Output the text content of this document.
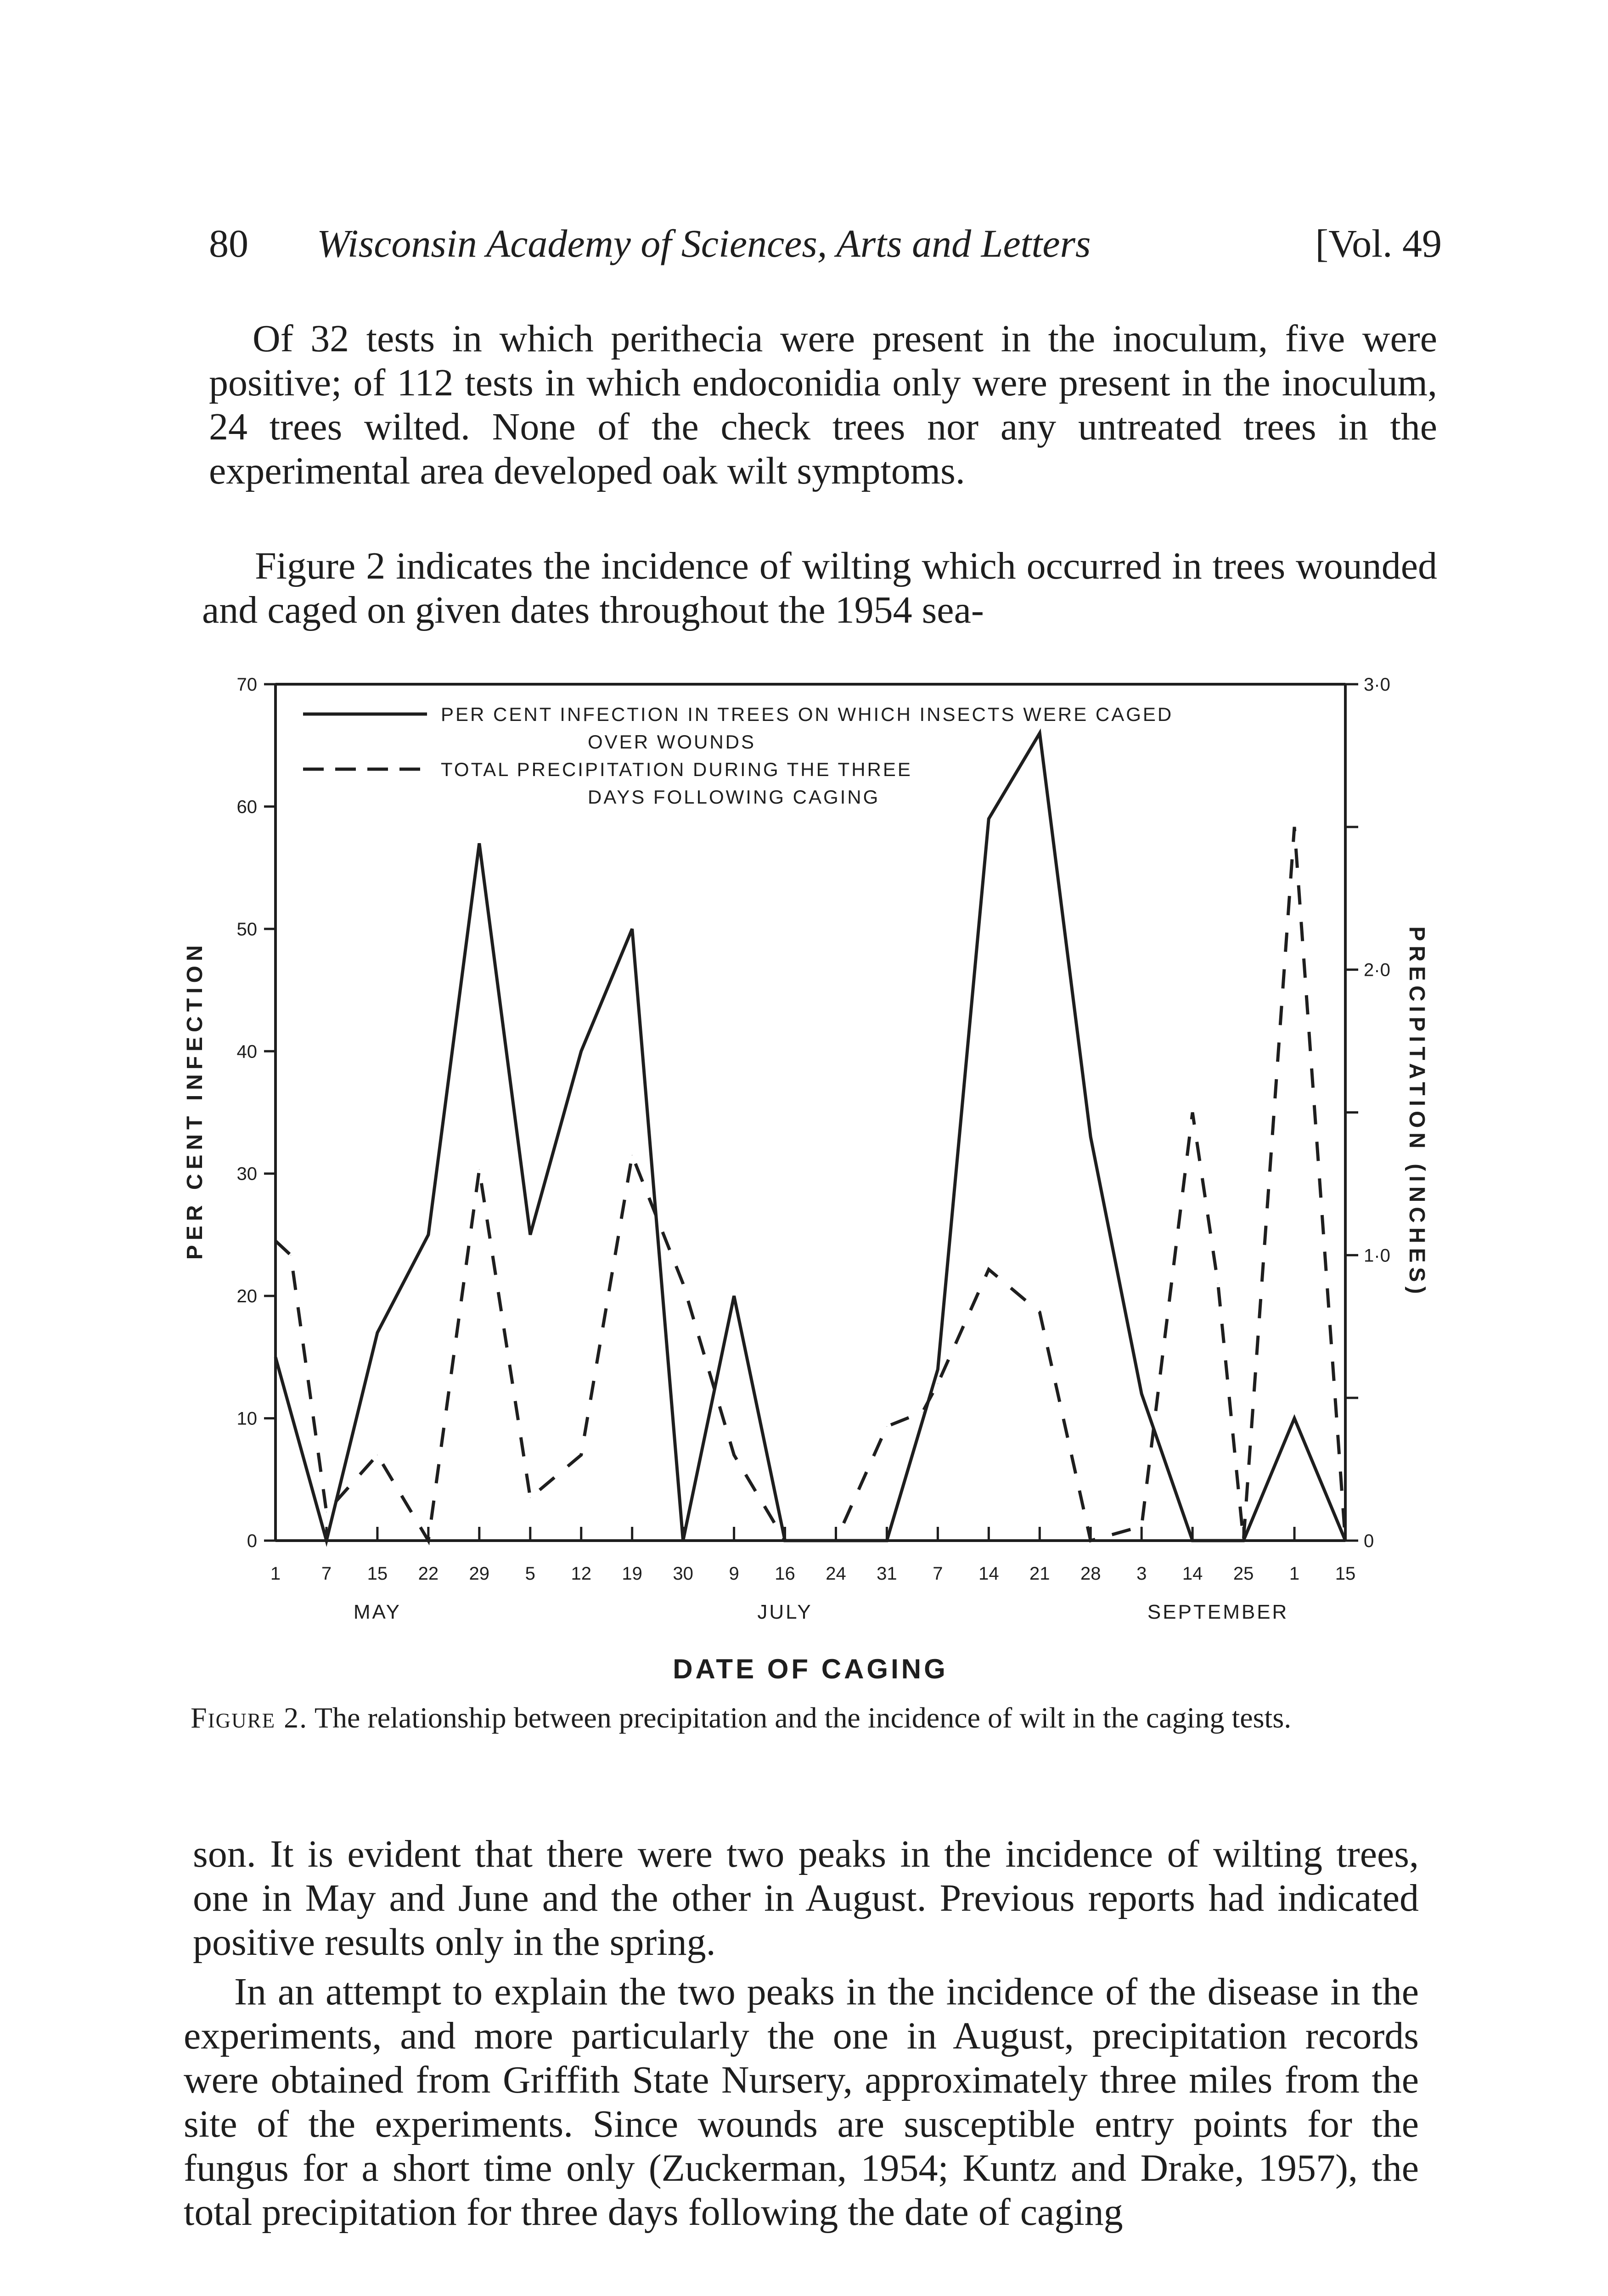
80 Wisconsin Academy of Sciences, Arts and Letters	[Vol. 49

Of 32 tests in which perithecia were present in the inoculum, five were positive; of 112 tests in which endoconidia only were present in the inoculum, 24 trees wilted. None of the check trees nor any untreated trees in the experimental area developed oak wilt symptoms.

Figure 2 indicates the incidence of wilting which occurred in trees wounded and caged on given dates throughout the 1954 sea-

0
10
20
30
40
50
60
70
0
1·0
2·0
3·0
1 7 15 22 29 5 12 19 30 9 16 24 31 7 14 21 28 3 14 25 1 15
PER CENT INFECTION IN TREES ON WHICH INSECTS WERE CAGED
OVER WOUNDS
TOTAL PRECIPITATION DURING THE THREE
DAYS FOLLOWING CAGING
MAY	JULY	SEPTEMBER
DATE OF CAGING
PER CENT INFECTION	PRECIPITATION (INCHES)

Figure 2. The relationship between precipitation and the incidence of wilt in the caging tests.

son. It is evident that there were two peaks in the incidence of wilting trees, one in May and June and the other in August. Previous reports had indicated positive results only in the spring.

In an attempt to explain the two peaks in the incidence of the disease in the experiments, and more particularly the one in August, precipitation records were obtained from Griffith State Nursery, approximately three miles from the site of the experiments. Since wounds are susceptible entry points for the fungus for a short time only (Zuckerman, 1954; Kuntz and Drake, 1957), the total precipitation for three days following the date of caging
